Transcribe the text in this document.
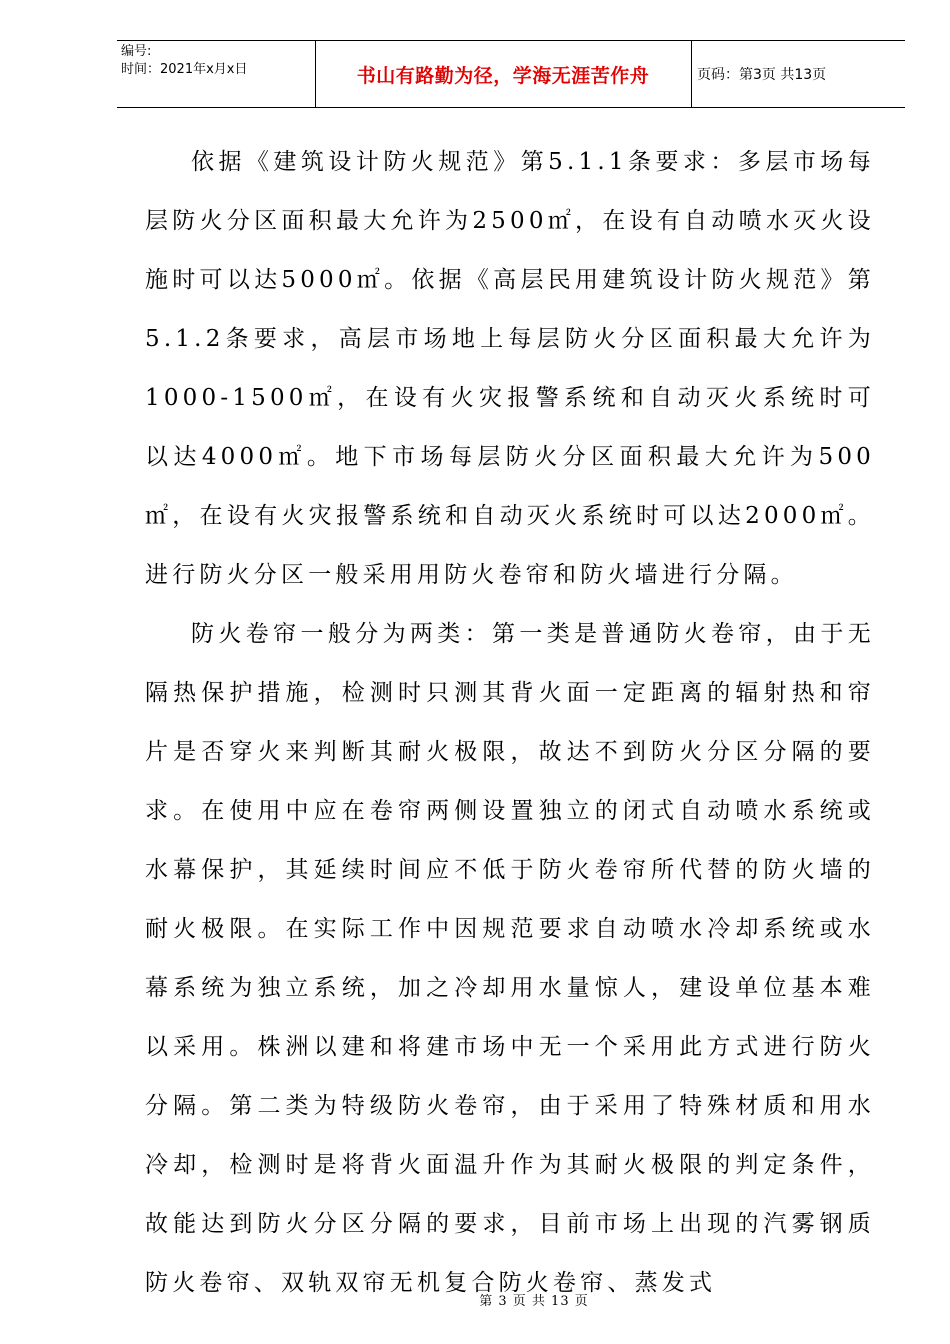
编号:
时间：2021年x月x日	书山有路勤为径，学海无涯苦作舟	页码：第3页 共13页

依据《建筑设计防火规范》第5.1.1条要求：多层市场每层防火分区面积最大允许为2500㎡，在设有自动喷水灭火设施时可以达5000㎡。依据《高层民用建筑设计防火规范》第5.1.2条要求，高层市场地上每层防火分区面积最大允许为1000-1500㎡，在设有火灾报警系统和自动灭火系统时可以达4000㎡。地下市场每层防火分区面积最大允许为500㎡，在设有火灾报警系统和自动灭火系统时可以达2000㎡。进行防火分区一般采用用防火卷帘和防火墙进行分隔。

防火卷帘一般分为两类：第一类是普通防火卷帘，由于无隔热保护措施，检测时只测其背火面一定距离的辐射热和帘片是否穿火来判断其耐火极限，故达不到防火分区分隔的要求。在使用中应在卷帘两侧设置独立的闭式自动喷水系统或水幕保护，其延续时间应不低于防火卷帘所代替的防火墙的耐火极限。在实际工作中因规范要求自动喷水冷却系统或水幕系统为独立系统，加之冷却用水量惊人，建设单位基本难以采用。株洲以建和将建市场中无一个采用此方式进行防火分隔。第二类为特级防火卷帘，由于采用了特殊材质和用水冷却，检测时是将背火面温升作为其耐火极限的判定条件，故能达到防火分区分隔的要求，目前市场上出现的汽雾钢质防火卷帘、双轨双帘无机复合防火卷帘、蒸发式

第 3 页 共 13 页
